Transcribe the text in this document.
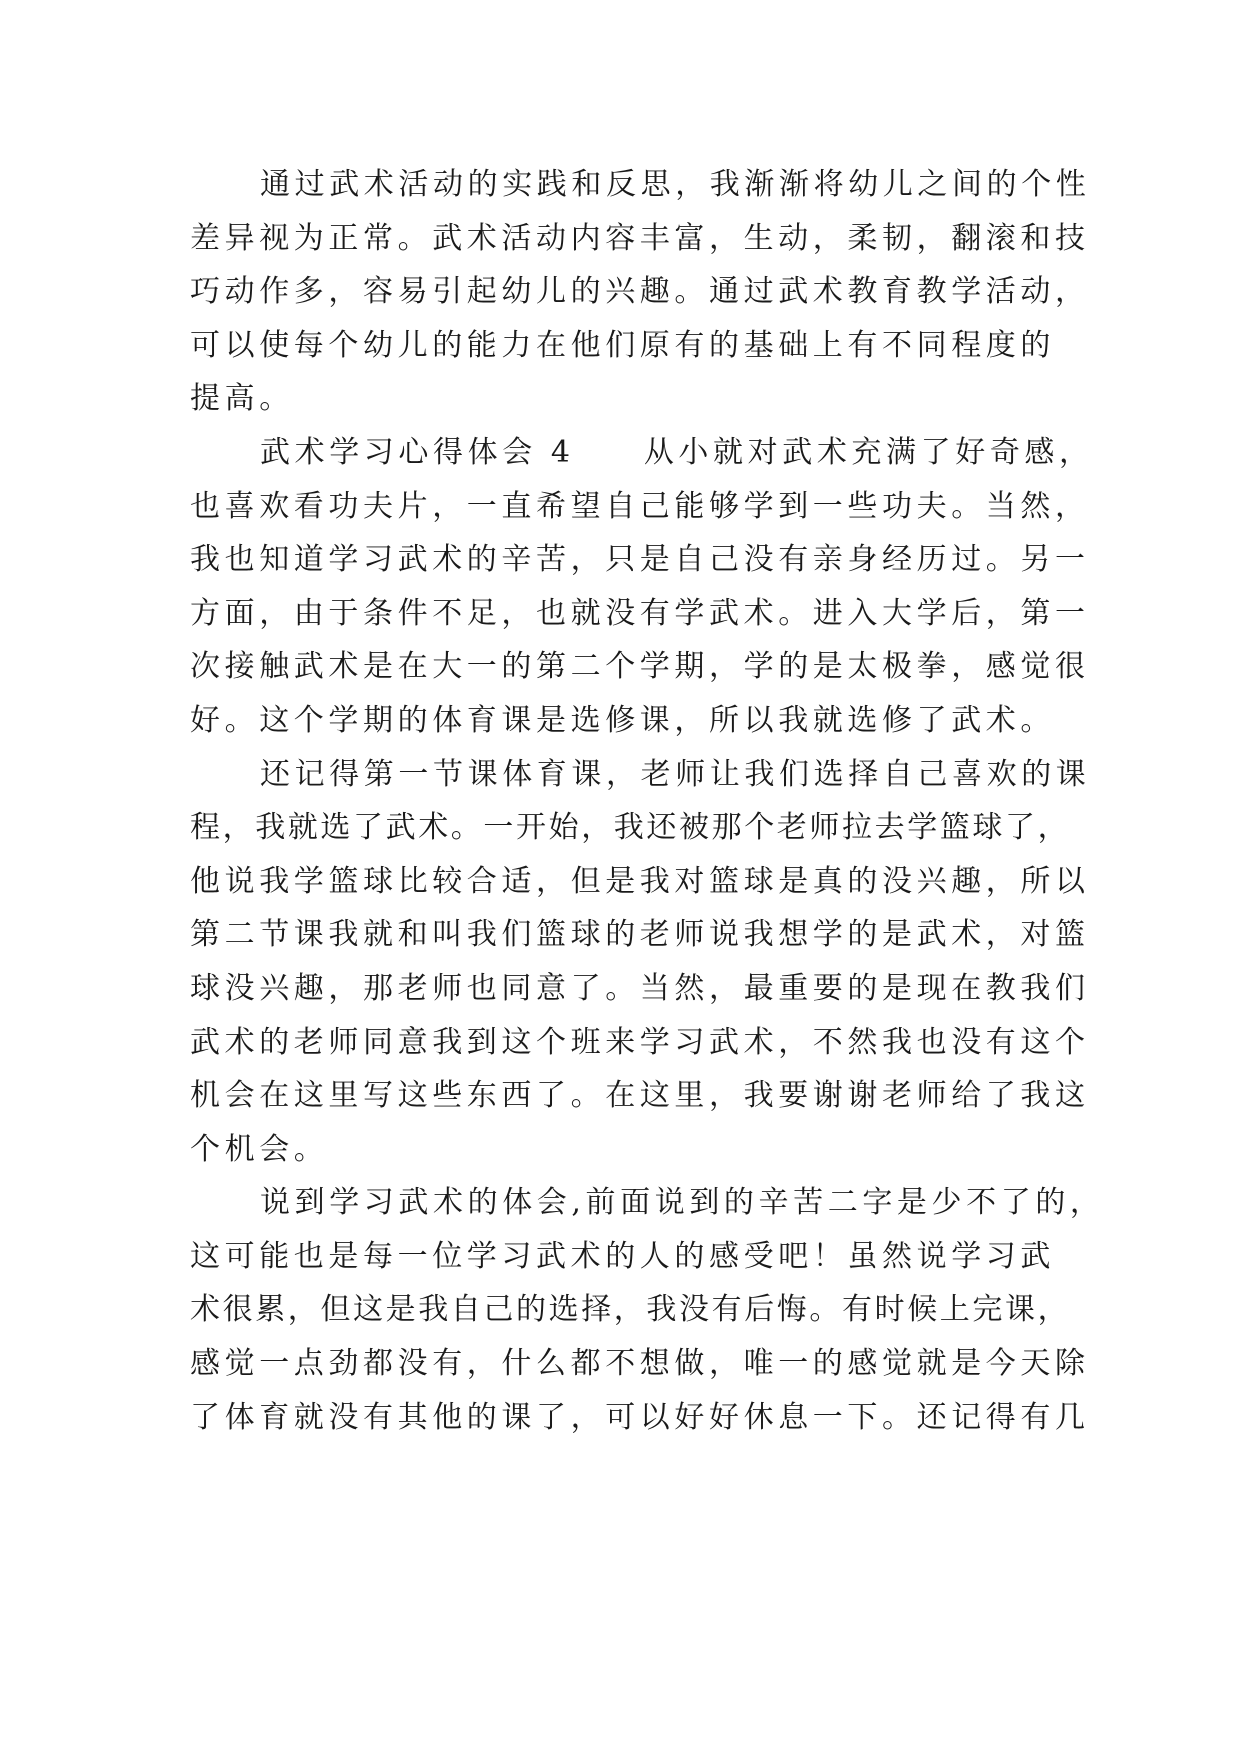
通过武术活动的实践和反思，我渐渐将幼儿之间的个性
差异视为正常。武术活动内容丰富，生动，柔韧，翻滚和技
巧动作多，容易引起幼儿的兴趣。通过武术教育教学活动，
可以使每个幼儿的能力在他们原有的基础上有不同程度的
提高。
武术学习心得体会 4　　从小就对武术充满了好奇感，
也喜欢看功夫片，一直希望自己能够学到一些功夫。当然，
我也知道学习武术的辛苦，只是自己没有亲身经历过。另一
方面，由于条件不足，也就没有学武术。进入大学后，第一
次接触武术是在大一的第二个学期，学的是太极拳，感觉很
好。这个学期的体育课是选修课，所以我就选修了武术。
还记得第一节课体育课，老师让我们选择自己喜欢的课
程，我就选了武术。一开始，我还被那个老师拉去学篮球了，
他说我学篮球比较合适，但是我对篮球是真的没兴趣，所以
第二节课我就和叫我们篮球的老师说我想学的是武术，对篮
球没兴趣，那老师也同意了。当然，最重要的是现在教我们
武术的老师同意我到这个班来学习武术，不然我也没有这个
机会在这里写这些东西了。在这里，我要谢谢老师给了我这
个机会。
说到学习武术的体会,前面说到的辛苦二字是少不了的，
这可能也是每一位学习武术的人的感受吧！虽然说学习武
术很累，但这是我自己的选择，我没有后悔。有时候上完课，
感觉一点劲都没有，什么都不想做，唯一的感觉就是今天除
了体育就没有其他的课了，可以好好休息一下。还记得有几
